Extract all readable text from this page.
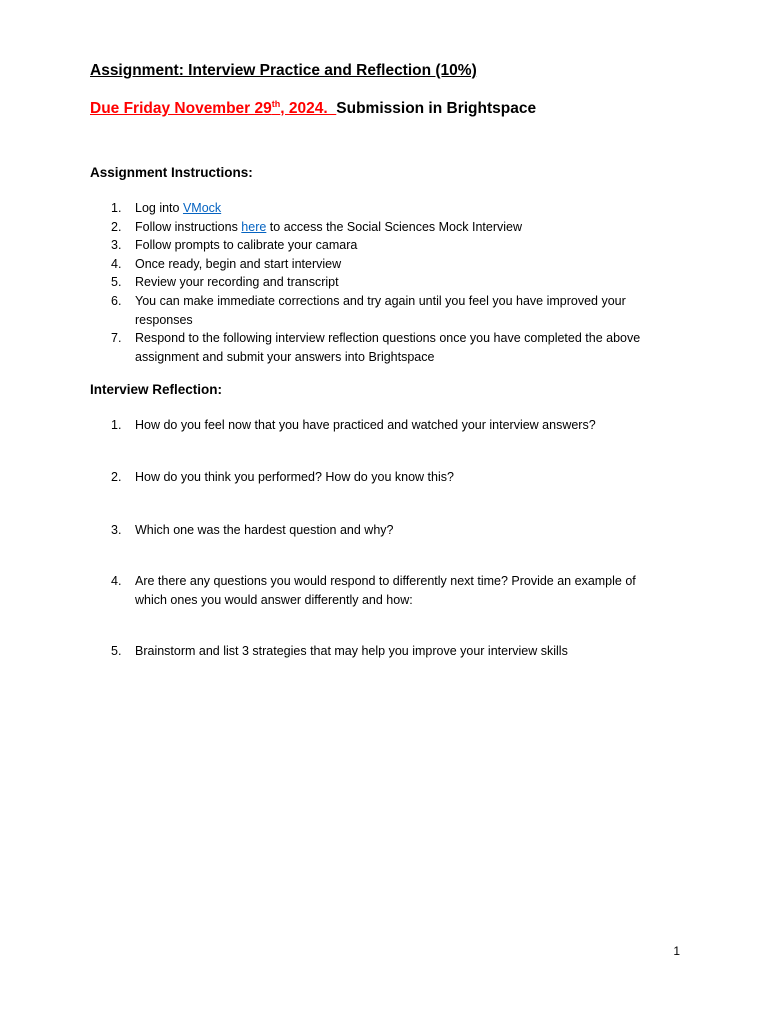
Assignment: Interview Practice and Reflection (10%)
Due Friday November 29th, 2024.  Submission in Brightspace
Assignment Instructions:
1.	Log into VMock
2.	Follow instructions here to access the Social Sciences Mock Interview
3.	Follow prompts to calibrate your camara
4.	Once ready, begin and start interview
5.	Review your recording and transcript
6.	You can make immediate corrections and try again until you feel you have improved your responses
7.	Respond to the following interview reflection questions once you have completed the above assignment and submit your answers into Brightspace
Interview Reflection:
1. How do you feel now that you have practiced and watched your interview answers?
2. How do you think you performed? How do you know this?
3. Which one was the hardest question and why?
4. Are there any questions you would respond to differently next time? Provide an example of which ones you would answer differently and how:
5. Brainstorm and list 3 strategies that may help you improve your interview skills
1
